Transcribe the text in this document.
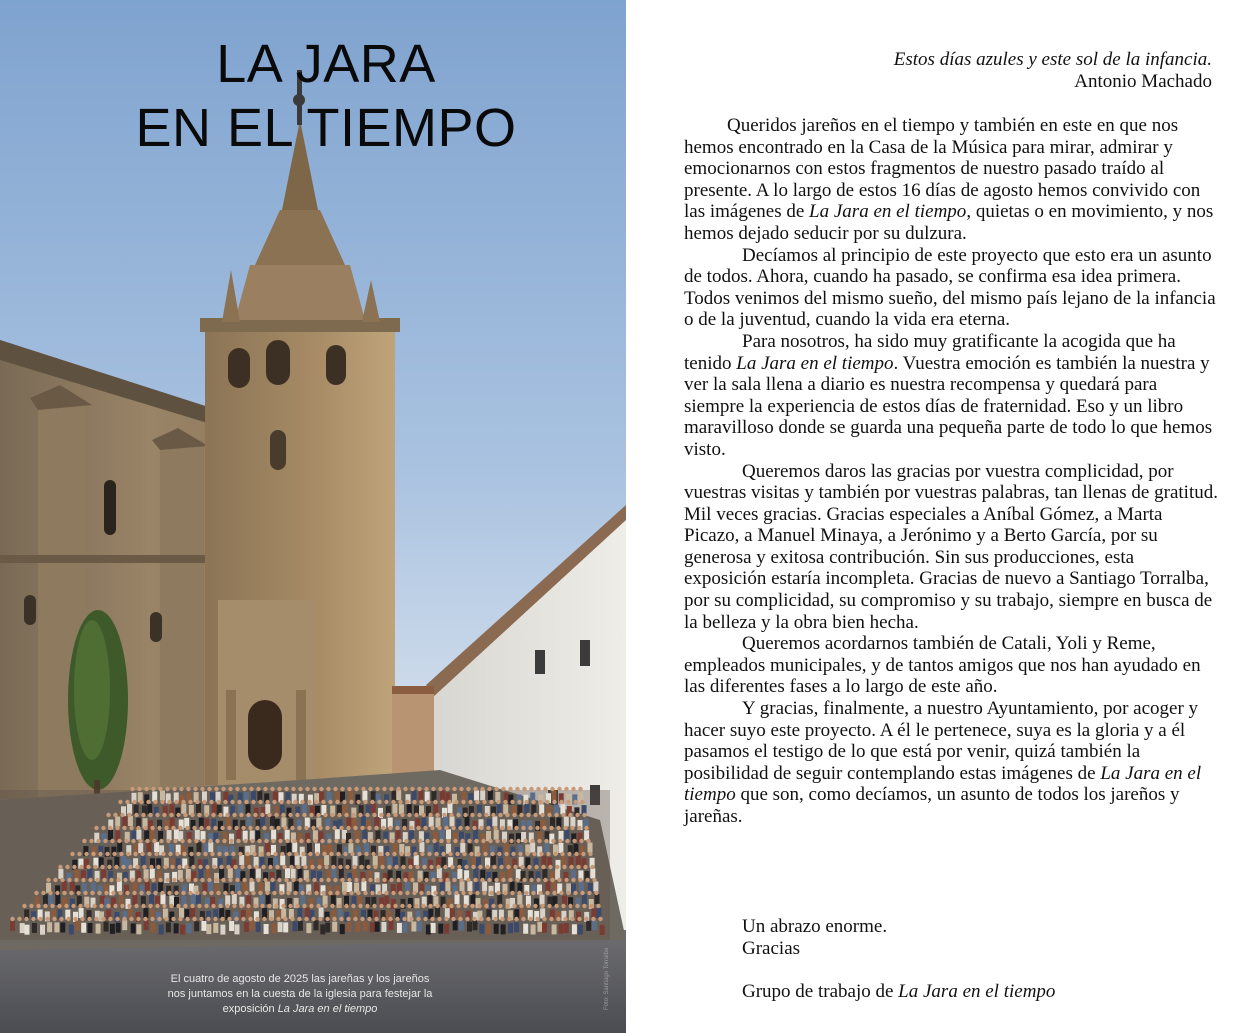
LA JARA
EN EL TIEMPO
El cuatro de agosto de 2025 las jareñas y los jareños
nos juntamos en la cuesta de la iglesia para festejar la
exposición La Jara en el tiempo	Foto: Santiago Torralba
Estos días azules y este sol de la infancia.
Antonio Machado

Queridos jareños en el tiempo y también en este en que nos hemos encontrado en la Casa de la Música para mirar, admirar y emocionarnos con estos fragmentos de nuestro pasado traído al presente. A lo largo de estos 16 días de agosto hemos convivido con las imágenes de La Jara en el tiempo, quietas o en movimiento, y nos hemos dejado seducir por su dulzura.

Decíamos al principio de este proyecto que esto era un asunto de todos. Ahora, cuando ha pasado, se confirma esa idea primera. Todos venimos del mismo sueño, del mismo país lejano de la infancia o de la juventud, cuando la vida era eterna.

Para nosotros, ha sido muy gratificante la acogida que ha tenido La Jara en el tiempo. Vuestra emoción es también la nuestra y ver la sala llena a diario es nuestra recompensa y quedará para siempre la experiencia de estos días de fraternidad. Eso y un libro maravilloso donde se guarda una pequeña parte de todo lo que hemos visto.

Queremos daros las gracias por vuestra complicidad, por vuestras visitas y también por vuestras palabras, tan llenas de gratitud. Mil veces gracias. Gracias especiales a Aníbal Gómez, a Marta Picazo, a Manuel Minaya, a Jerónimo y a Berto García, por su generosa y exitosa contribución. Sin sus producciones, esta exposición estaría incompleta. Gracias de nuevo a Santiago Torralba, por su complicidad, su compromiso y su trabajo, siempre en busca de la belleza y la obra bien hecha.

Queremos acordarnos también de Catali, Yoli y Reme, empleados municipales, y de tantos amigos que nos han ayudado en las diferentes fases a lo largo de este año.

Y gracias, finalmente, a nuestro Ayuntamiento, por acoger y hacer suyo este proyecto. A él le pertenece, suya es la gloria y a él pasamos el testigo de lo que está por venir, quizá también la posibilidad de seguir contemplando estas imágenes de La Jara en el tiempo que son, como decíamos, un asunto de todos los jareños y jareñas.

Un abrazo enorme.
Gracias
Grupo de trabajo de La Jara en el tiempo
